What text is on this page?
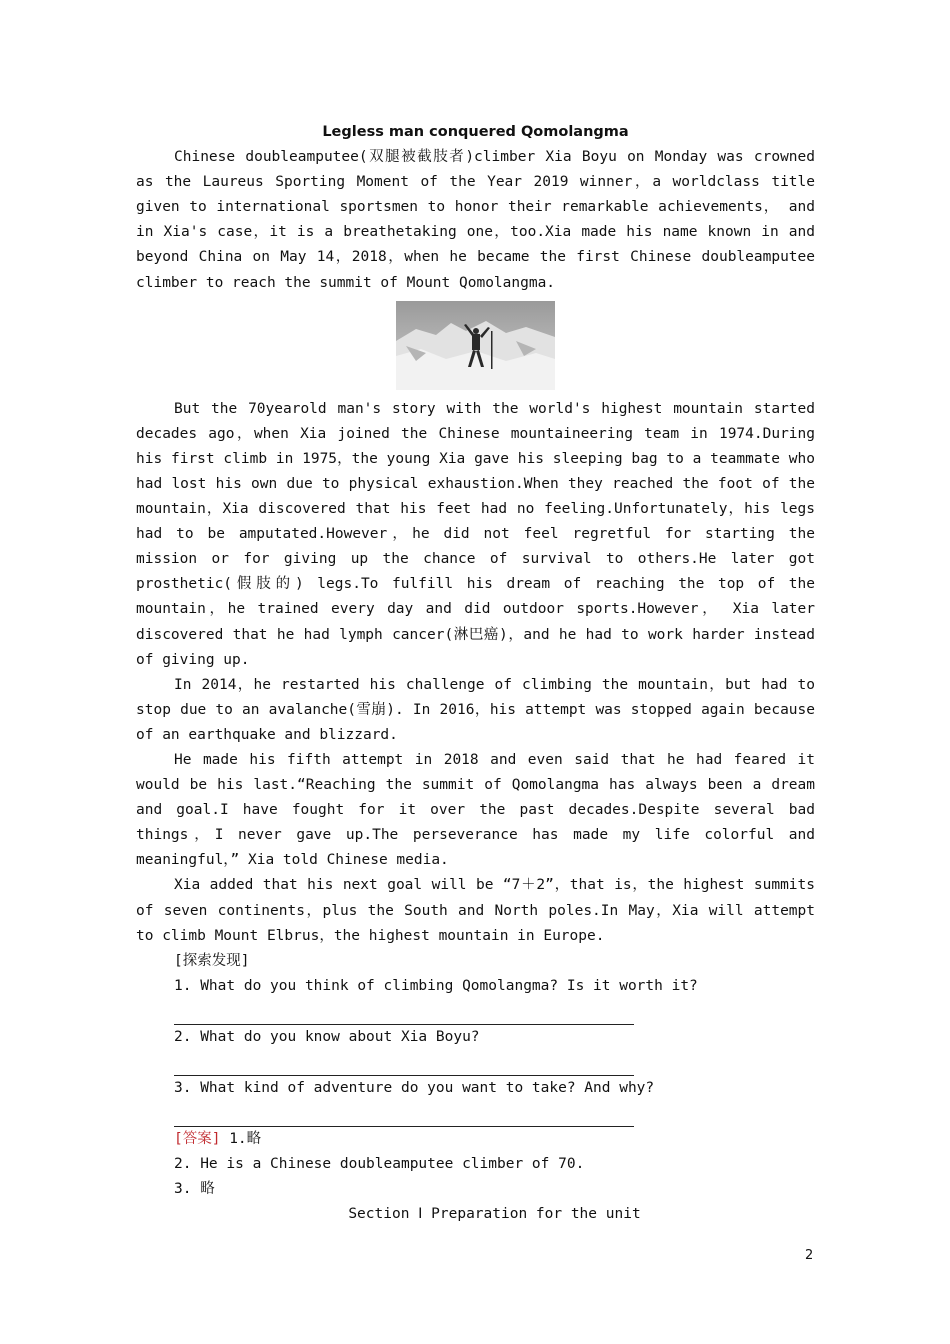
Legless man conquered Qomolangma

Chinese doubleamputee(双腿被截肢者)climber Xia Boyu on Monday was crowned as the Laureus Sporting Moment of the Year 2019 winner，a worldclass title given to international sportsmen to honor their remarkable achievements， and in Xia's case，it is a breathetaking one，too.Xia made his name known in and beyond China on May 14，2018，when he became the first Chinese doubleamputee climber to reach the summit of Mount Qomolangma.

But the 70yearold man's story with the world's highest mountain started decades ago，when Xia joined the Chinese mountaineering team in 1974.During his first climb in 1975，the young Xia gave his sleeping bag to a teammate who had lost his own due to physical exhaustion.When they reached the foot of the mountain，Xia discovered that his feet had no feeling.Unfortunately，his legs had to be amputated.However，he did not feel regretful for starting the mission or for giving up the chance of survival to others.He later got prosthetic(假肢的) legs.To fulfill his dream of reaching the top of the mountain，he trained every day and did outdoor sports.However， Xia later discovered that he had lymph cancer(淋巴癌)，and he had to work harder instead of giving up.

In 2014，he restarted his challenge of climbing the mountain，but had to stop due to an avalanche(雪崩). In 2016，his attempt was stopped again because of an earthquake and blizzard.

He made his fifth attempt in 2018 and even said that he had feared it would be his last.“Reaching the summit of Qomolangma has always been a dream and goal.I have fought for it over the past decades.Despite several bad things，I never gave up.The perseverance has made my life colorful and meaningful，” Xia told Chinese media.

Xia added that his next goal will be “7＋2”，that is，the highest summits of seven continents，plus the South and North poles.In May，Xia will attempt to climb Mount Elbrus，the highest mountain in Europe.

[探索发现]

1. What do you think of climbing Qomolangma? Is it worth it?

2. What do you know about Xia Boyu?

3. What kind of adventure do you want to take? And why?

[答案] 1.略

2. He is a Chinese doubleamputee climber of 70.

3. 略

Section Ⅰ Preparation for the unit

2
